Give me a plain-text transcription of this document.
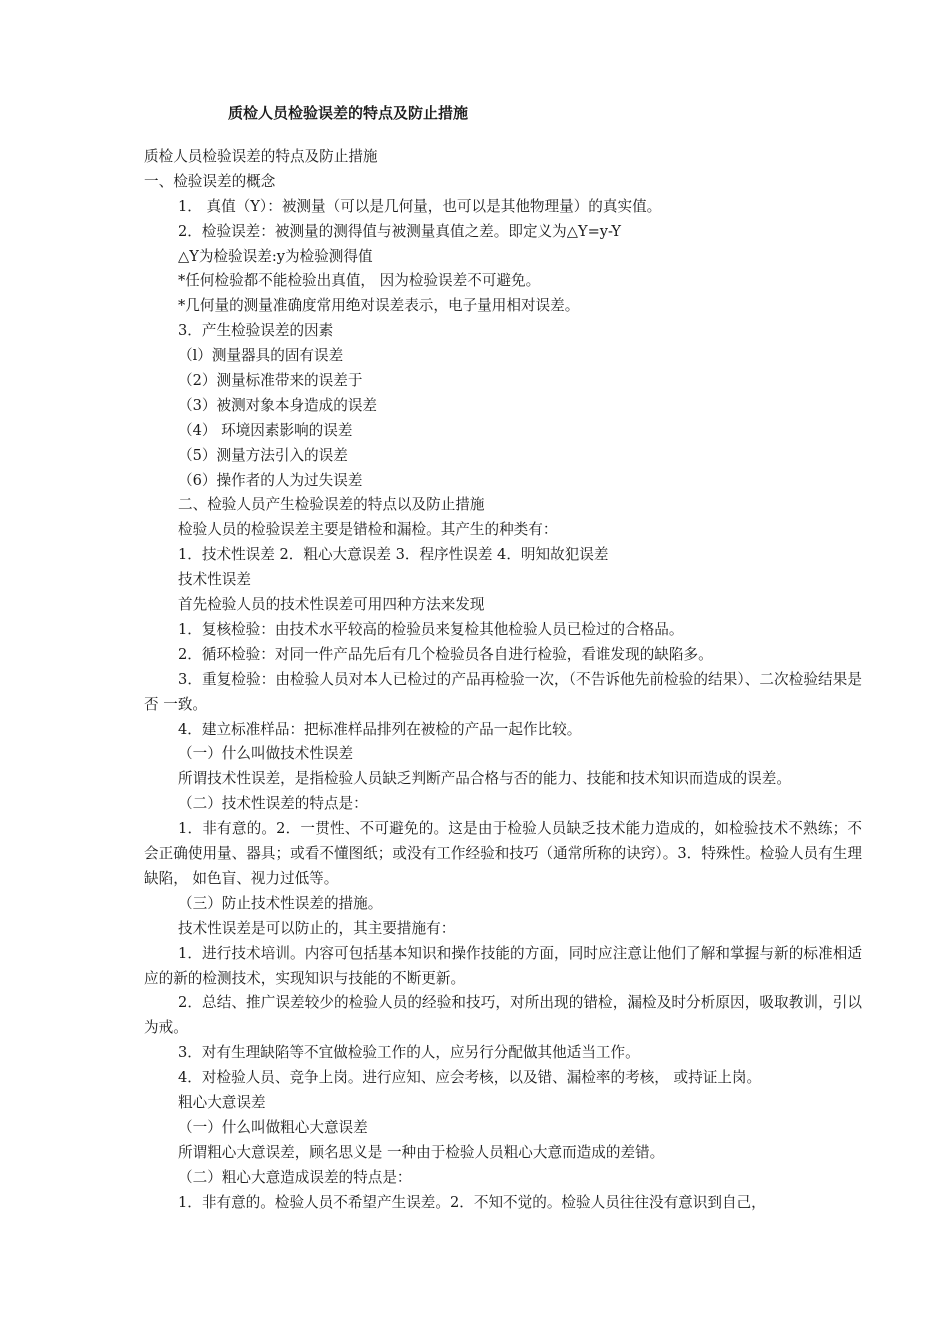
质检人员检验误差的特点及防止措施
质检人员检验误差的特点及防止措施
一、检验误差的概念
1． 真值（Y）：被测量（可以是几何量，也可以是其他物理量）的真实值。
2．检验误差：被测量的测得值与被测量真值之差。即定义为△Y=y-Y
△Y为检验误差:y为检验测得值
*任何检验都不能检验出真值， 因为检验误差不可避免。
*几何量的测量准确度常用绝对误差表示，电子量用相对误差。
3．产生检验误差的因素
（l）测量器具的固有误差
（2）测量标准带来的误差于
（3）被测对象本身造成的误差
（4） 环境因素影响的误差
（5）测量方法引入的误差
（6）操作者的人为过失误差
二、检验人员产生检验误差的特点以及防止措施
检验人员的检验误差主要是错检和漏检。其产生的种类有：
1．技术性误差 2．粗心大意误差 3．程序性误差 4．明知故犯误差
技术性误差
首先检验人员的技术性误差可用四种方法来发现
1．复核检验：由技术水平较高的检验员来复检其他检验人员已检过的合格品。
2．循环检验：对同一件产品先后有几个检验员各自进行检验，看谁发现的缺陷多。
3．重复检验：由检验人员对本人已检过的产品再检验一次，（不告诉他先前检验的结果）、二次检验结果是否 一致。
4．建立标准样品：把标准样品排列在被检的产品一起作比较。
（一）什么叫做技术性误差
所谓技术性误差，是指检验人员缺乏判断产品合格与否的能力、技能和技术知识而造成的误差。
（二）技术性误差的特点是：
1．非有意的。2．一贯性、不可避免的。这是由于检验人员缺乏技术能力造成的，如检验技术不熟练；不会正确使用量、器具；或看不懂图纸；或没有工作经验和技巧（通常所称的诀窍）。3．特殊性。检验人员有生理缺陷， 如色盲、视力过低等。
（三）防止技术性误差的措施。
技术性误差是可以防止的，其主要措施有：
1．进行技术培训。内容可包括基本知识和操作技能的方面，同时应注意让他们了解和掌握与新的标准相适应的新的检测技术，实现知识与技能的不断更新。
2．总结、推广误差较少的检验人员的经验和技巧，对所出现的错检，漏检及时分析原因，吸取教训，引以为戒。
3．对有生理缺陷等不宜做检验工作的人，应另行分配做其他适当工作。
4．对检验人员、竞争上岗。进行应知、应会考核，以及错、漏检率的考核， 或持证上岗。
粗心大意误差
（一）什么叫做粗心大意误差
所谓粗心大意误差，顾名思义是 一种由于检验人员粗心大意而造成的差错。
（二）粗心大意造成误差的特点是：
1．非有意的。检验人员不希望产生误差。2．不知不觉的。检验人员往往没有意识到自己，
